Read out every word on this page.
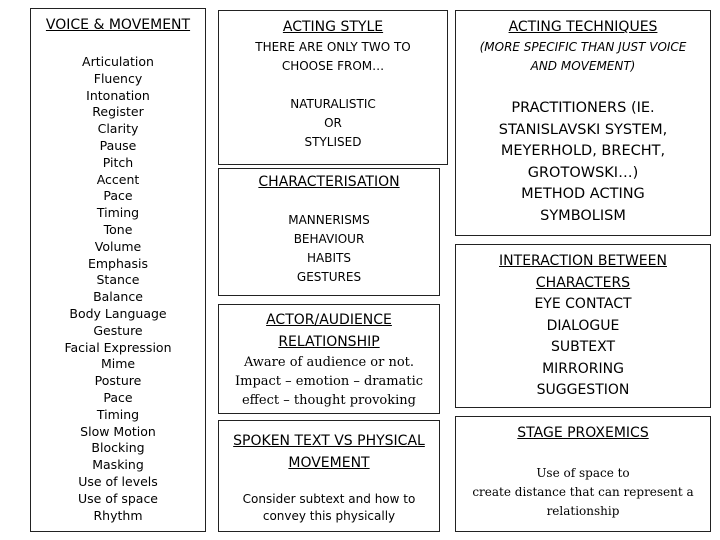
VOICE & MOVEMENT
Articulation
Fluency
Intonation
Register
Clarity
Pause
Pitch
Accent
Pace
Timing
Tone
Volume
Emphasis
Stance
Balance
Body Language
Gesture
Facial Expression
Mime
Posture
Pace
Timing
Slow Motion
Blocking
Masking
Use of levels
Use of space
Rhythm
ACTING STYLE
THERE ARE ONLY TWO TO
CHOOSE FROM…
NATURALISTIC
OR
STYLISED
CHARACTERISATION
MANNERISMS
BEHAVIOUR
HABITS
GESTURES
ACTOR/AUDIENCE
RELATIONSHIP
Aware of audience or not.
Impact – emotion – dramatic
effect – thought provoking
SPOKEN TEXT VS PHYSICAL
MOVEMENT
Consider subtext and how to
convey this physically
ACTING TECHNIQUES
(MORE SPECIFIC THAN JUST VOICE
AND MOVEMENT)
PRACTITIONERS (IE.
STANISLAVSKI SYSTEM,
MEYERHOLD, BRECHT,
GROTOWSKI…)
METHOD ACTING
SYMBOLISM
INTERACTION BETWEEN
CHARACTERS
EYE CONTACT
DIALOGUE
SUBTEXT
MIRRORING
SUGGESTION
STAGE PROXEMICS
Use of space to
create distance that can represent a
relationship
